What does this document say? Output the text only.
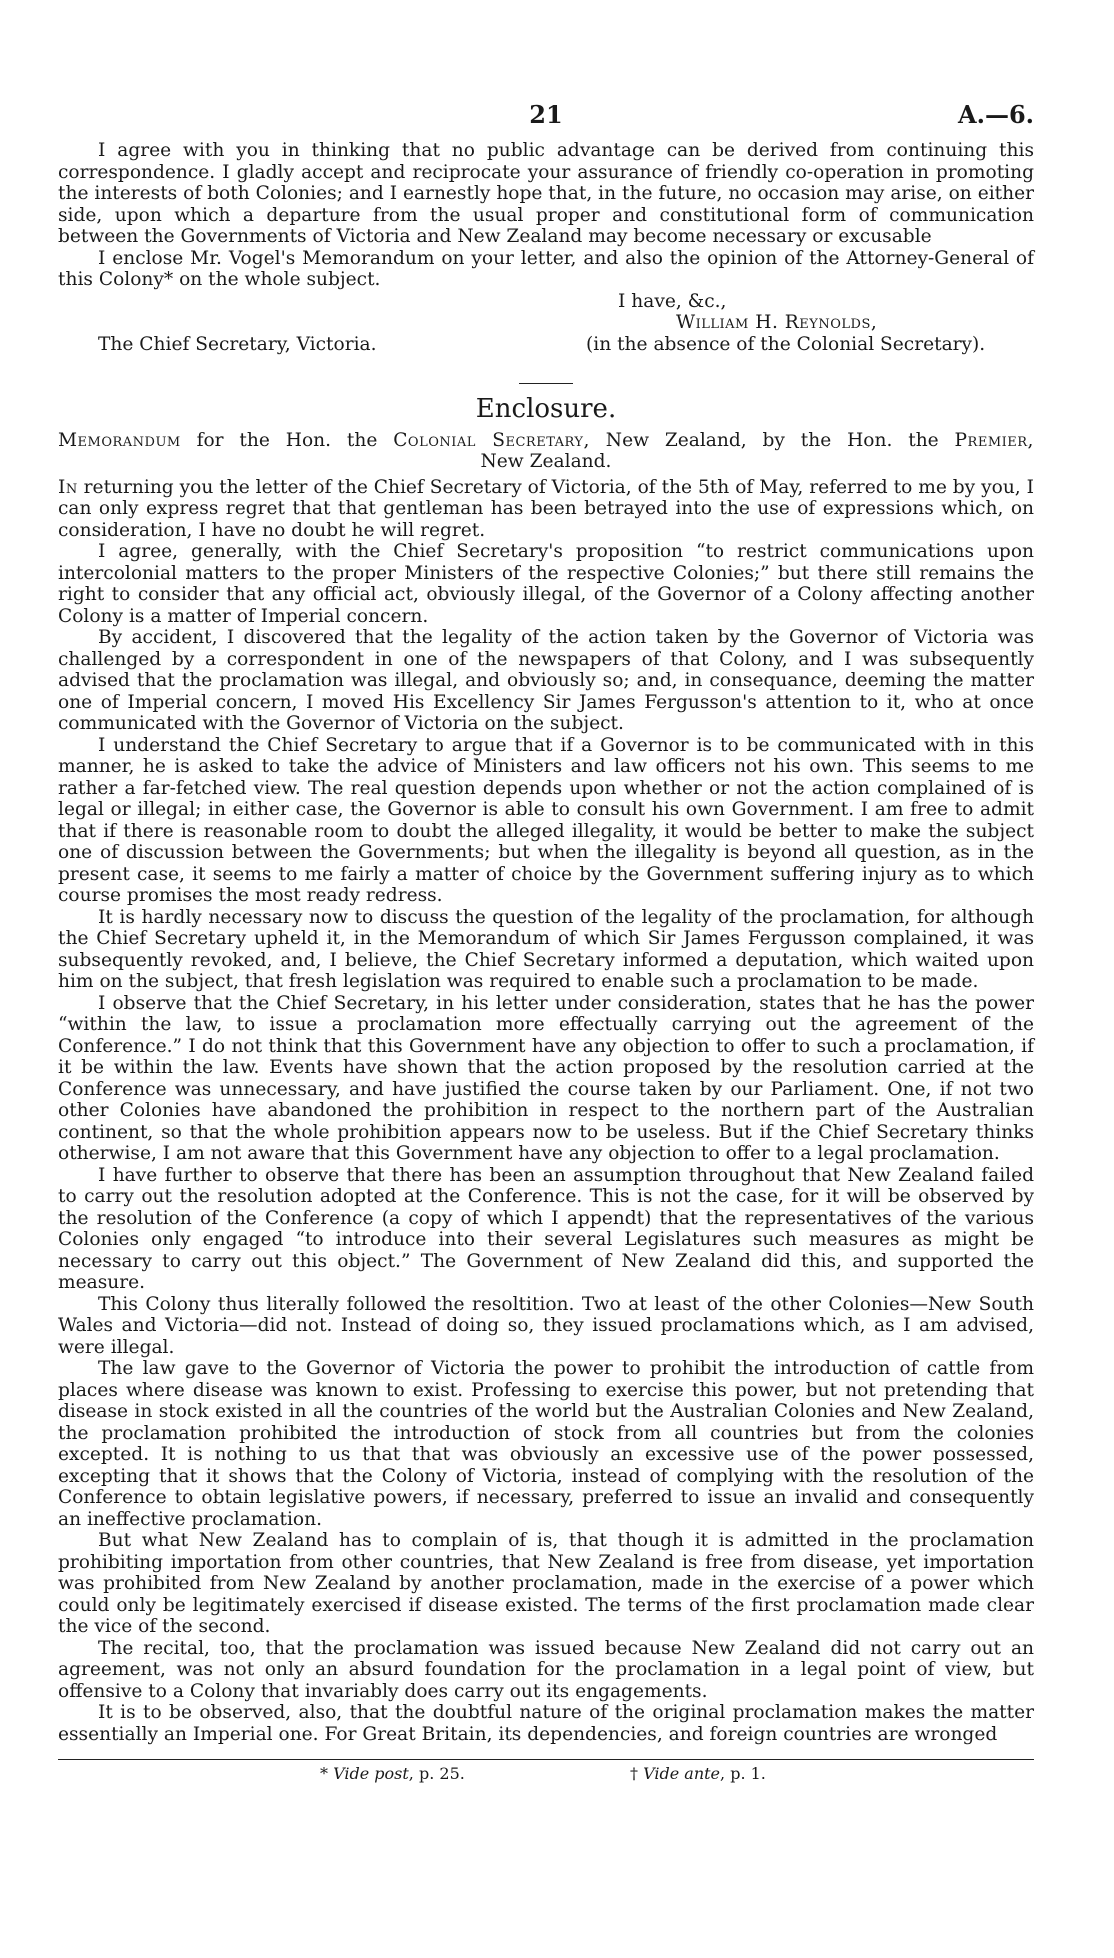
21	A.—6.

I agree with you in thinking that no public advantage can be derived from continuing this correspondence. I gladly accept and reciprocate your assurance of friendly co-operation in promoting the interests of both Colonies; and I earnestly hope that, in the future, no occasion may arise, on either side, upon which a departure from the usual proper and constitutional form of communication between the Governments of Victoria and New Zealand may become necessary or excusable

I enclose Mr. Vogel's Memorandum on your letter, and also the opinion of the Attorney-General of this Colony* on the whole subject.

I have, &c.,
William H. Reynolds,
The Chief Secretary, Victoria.	(in the absence of the Colonial Secretary).
Enclosure.
Memorandum for the Hon. the Colonial Secretary, New Zealand, by the Hon. the Premier,
New Zealand.

In returning you the letter of the Chief Secretary of Victoria, of the 5th of May, referred to me by you, I can only express regret that that gentleman has been betrayed into the use of expressions which, on consideration, I have no doubt he will regret.

I agree, generally, with the Chief Secretary's proposition “to restrict communications upon intercolonial matters to the proper Ministers of the respective Colonies;” but there still remains the right to consider that any official act, obviously illegal, of the Governor of a Colony affecting another Colony is a matter of Imperial concern.

By accident, I discovered that the legality of the action taken by the Governor of Victoria was challenged by a correspondent in one of the newspapers of that Colony, and I was subsequently advised that the proclamation was illegal, and obviously so; and, in consequance, deeming the matter one of Imperial concern, I moved His Excellency Sir James Fergusson's attention to it, who at once communicated with the Governor of Victoria on the subject.

I understand the Chief Secretary to argue that if a Governor is to be communicated with in this manner, he is asked to take the advice of Ministers and law officers not his own. This seems to me rather a far-fetched view. The real question depends upon whether or not the action complained of is legal or illegal; in either case, the Governor is able to consult his own Government. I am free to admit that if there is reasonable room to doubt the alleged illegality, it would be better to make the subject one of discussion between the Governments; but when the illegality is beyond all question, as in the present case, it seems to me fairly a matter of choice by the Government suffering injury as to which course promises the most ready redress.

It is hardly necessary now to discuss the question of the legality of the proclamation, for although the Chief Secretary upheld it, in the Memorandum of which Sir James Fergusson complained, it was subsequently revoked, and, I believe, the Chief Secretary informed a deputation, which waited upon him on the subject, that fresh legislation was required to enable such a proclamation to be made.

I observe that the Chief Secretary, in his letter under consideration, states that he has the power “within the law, to issue a proclamation more effectually carrying out the agreement of the Conference.” I do not think that this Government have any objection to offer to such a proclamation, if it be within the law. Events have shown that the action proposed by the resolution carried at the Conference was unnecessary, and have justified the course taken by our Parliament. One, if not two other Colonies have abandoned the prohibition in respect to the northern part of the Australian continent, so that the whole prohibition appears now to be useless. But if the Chief Secretary thinks otherwise, I am not aware that this Government have any objection to offer to a legal proclamation.

I have further to observe that there has been an assumption throughout that New Zealand failed to carry out the resolution adopted at the Conference. This is not the case, for it will be observed by the resolution of the Conference (a copy of which I appendt) that the representatives of the various Colonies only engaged “to introduce into their several Legislatures such measures as might be necessary to carry out this object.” The Government of New Zealand did this, and supported the measure.

This Colony thus literally followed the resoltition. Two at least of the other Colonies—New South Wales and Victoria—did not. Instead of doing so, they issued proclamations which, as I am advised, were illegal.

The law gave to the Governor of Victoria the power to prohibit the introduction of cattle from places where disease was known to exist. Professing to exercise this power, but not pretending that disease in stock existed in all the countries of the world but the Australian Colonies and New Zealand, the proclamation prohibited the introduction of stock from all countries but from the colonies excepted. It is nothing to us that that was obviously an excessive use of the power possessed, excepting that it shows that the Colony of Victoria, instead of complying with the resolution of the Conference to obtain legislative powers, if necessary, preferred to issue an invalid and consequently an ineffective proclamation.

But what New Zealand has to complain of is, that though it is admitted in the proclamation prohibiting importation from other countries, that New Zealand is free from disease, yet importation was prohibited from New Zealand by another proclamation, made in the exercise of a power which could only be legitimately exercised if disease existed. The terms of the first proclamation made clear the vice of the second.

The recital, too, that the proclamation was issued because New Zealand did not carry out an agreement, was not only an absurd foundation for the proclamation in a legal point of view, but offensive to a Colony that invariably does carry out its engagements.

It is to be observed, also, that the doubtful nature of the original proclamation makes the matter essentially an Imperial one. For Great Britain, its dependencies, and foreign countries are wronged

* Vide post, p. 25.	† Vide ante, p. 1.
